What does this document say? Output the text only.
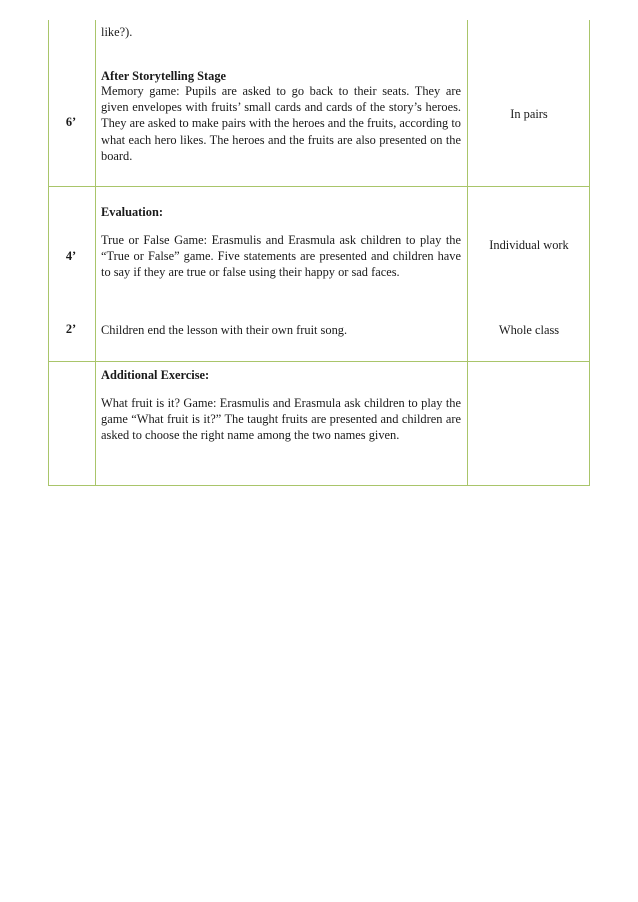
6’
like?).
After Storytelling Stage
Memory game: Pupils are asked to go back to their seats. They are given envelopes with fruits’ small cards and cards of the story’s heroes. They are asked to make pairs with the heroes and the fruits, according to what each hero likes. The heroes and the fruits are also presented on the board.
In pairs
Evaluation:
4’
True or False Game: Erasmulis and Erasmula ask children to play the “True or False” game. Five statements are presented and children have to say if they are true or false using their happy or sad faces.
Individual work
2’	Children end the lesson with their own fruit song.	Whole class
Additional Exercise:
What fruit is it? Game: Erasmulis and Erasmula ask children to play the game “What fruit is it?” The taught fruits are presented and children are asked to choose the right name among the two names given.
